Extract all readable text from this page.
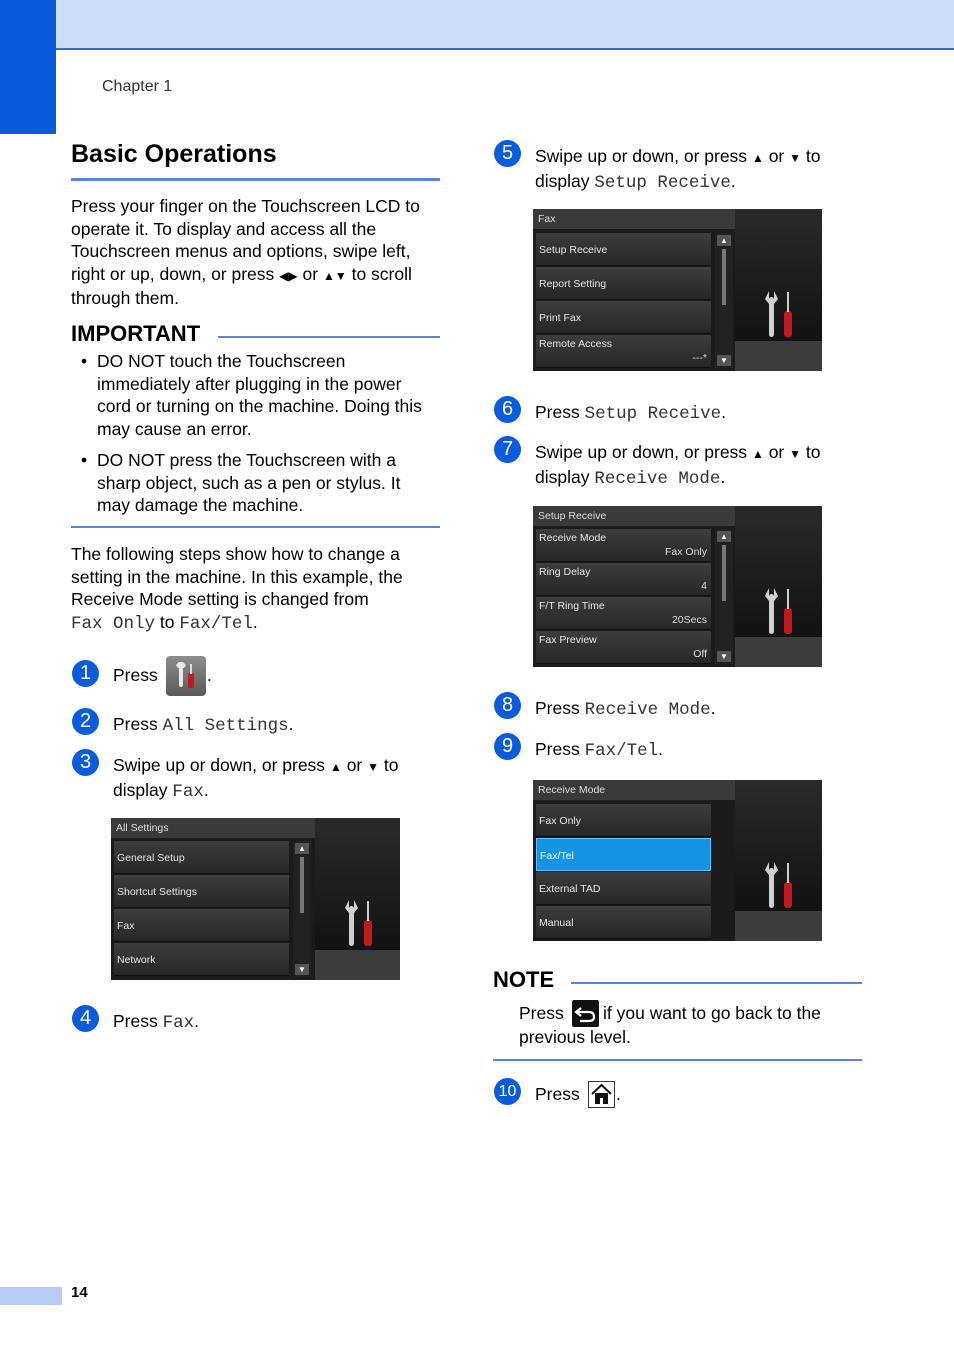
Chapter 1
14
Basic Operations
Press your finger on the Touchscreen LCD to
operate it. To display and access all the
Touchscreen menus and options, swipe left,
right or up, down, or press ◀▶ or ▲▼ to scroll
through them.
IMPORTANT
• DO NOT touch the Touchscreen
immediately after plugging in the power
cord or turning on the machine. Doing this
may cause an error.
• DO NOT press the Touchscreen with a
sharp object, such as a pen or stylus. It
may damage the machine.
The following steps show how to change a
setting in the machine. In this example, the
Receive Mode setting is changed from
Fax Only to Fax/Tel.
1	Press	.
2	Press All Settings.
3	Swipe up or down, or press ▲ or ▼ to
display Fax.
All Settings
General Setup
Shortcut Settings
Fax
Network
▲
▼
4	Press Fax.
5	Swipe up or down, or press ▲ or ▼ to
display Setup Receive.
Fax
Setup Receive
Report Setting
Print Fax
Remote Access
---*
▲
▼
6	Press Setup Receive.
7	Swipe up or down, or press ▲ or ▼ to
display Receive Mode.
Setup Receive
Receive Mode
Fax Only
Ring Delay
4
F/T Ring Time
20Secs
Fax Preview
Off
▲
▼
8	Press Receive Mode.
9	Press Fax/Tel.
Receive Mode
Fax Only
Fax/Tel
External TAD
Manual
NOTE
Press if you want to go back to the
previous level.
10 Press .
